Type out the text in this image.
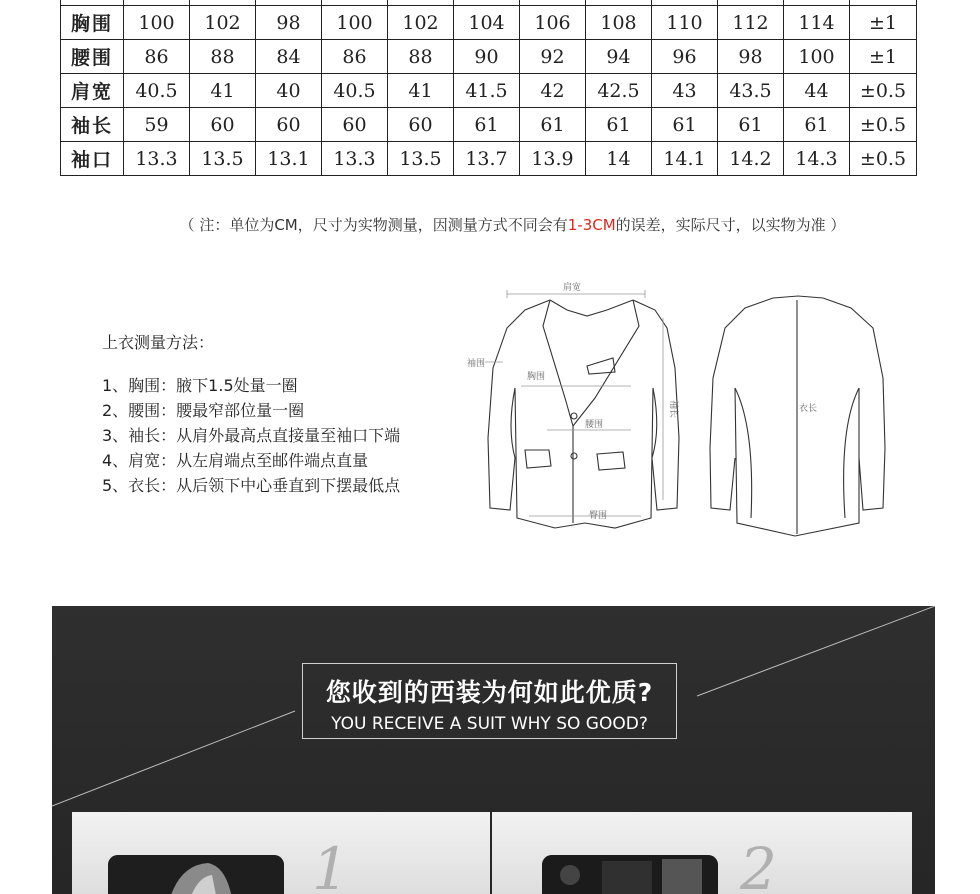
胸围	100	102	98	100	102	104	106	108	110	112	114	±1
腰围	86	88	84	86	88	90	92	94	96	98	100	±1
肩宽	40.5	41	40	40.5	41	41.5	42	42.5	43	43.5	44	±0.5
袖长	59	60	60	60	60	61	61	61	61	61	61	±0.5
袖口	13.3	13.5	13.1	13.3	13.5	13.7	13.9	14	14.1	14.2	14.3	±0.5
（ 注：单位为CM，尺寸为实物测量，因测量方式不同会有1-3CM的误差，实际尺寸，以实物为准 ）
上衣测量方法：
1、胸围：腋下1.5处量一圈
2、腰围：腰最窄部位量一圈
3、袖长：从肩外最高点直接量至袖口下端
4、肩宽：从左肩端点至邮件端点直量
5、衣长：从后领下中心垂直到下摆最低点
肩宽
袖围
胸围
腰围
臀围
袖长	衣长
您收到的西装为何如此优质?
YOU RECEIVE A SUIT WHY SO GOOD?
1	2
